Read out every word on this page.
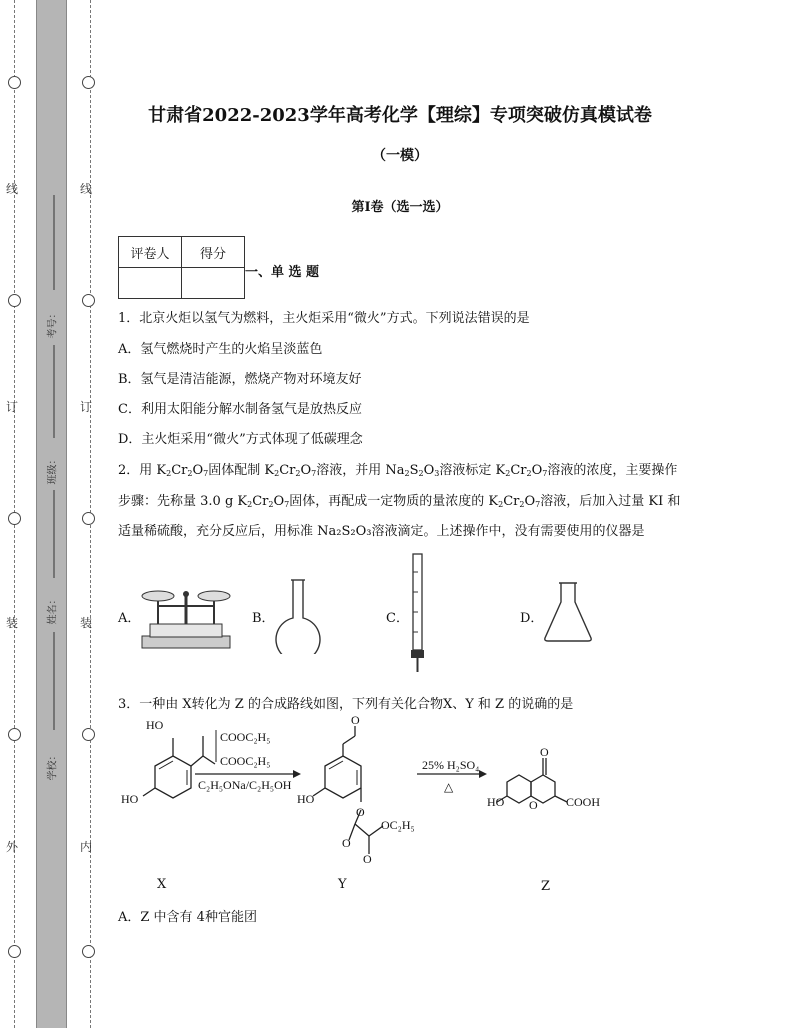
线
订
装
外
线
订
装
内
考号：
班级：
姓名：
学校：
甘肃省2022-2023学年高考化学【理综】专项突破仿真模试卷
（一模）
第I卷（选一选）
评卷人	得分

一、单 选 题
1．北京火炬以氢气为燃料，主火炬采用“微火”方式。下列说法错误的是
A．氢气燃烧时产生的火焰呈淡蓝色
B．氢气是清洁能源，燃烧产物对环境友好
C．利用太阳能分解水制备氢气是放热反应
D．主火炬采用“微火”方式体现了低碳理念
2．用 $K_2Cr_2O_7$固体配制 $K_2Cr_2O_7$溶液，并用 $Na_2S_2O_3$溶液标定 $K_2Cr_2O_7$溶液的浓度，主要操作
步骤：先称量 3.0 g $K_2Cr_2O_7$固体，再配成一定物质的量浓度的 $K_2Cr_2O_7$溶液，后加入过量 KI 和
适量稀硫酸，充分反应后，用标准 Na₂S₂O₃溶液滴定。上述操作中，没有需要使用的仪器是
A．	B．	C．	D．
3．一种由 X转化为 Z 的合成路线如图，下列有关化合物X、Y 和 Z 的说确的是
HO
HO
COOC₂H₅
COOC₂H₅
C₂H₅ONa/C₂H₅OH
O
HO
O
OC₂H₅
O
O
25% H₂SO₄
△
O
HO O COOH
X	Y	Z
A．Z 中含有 4种官能团
